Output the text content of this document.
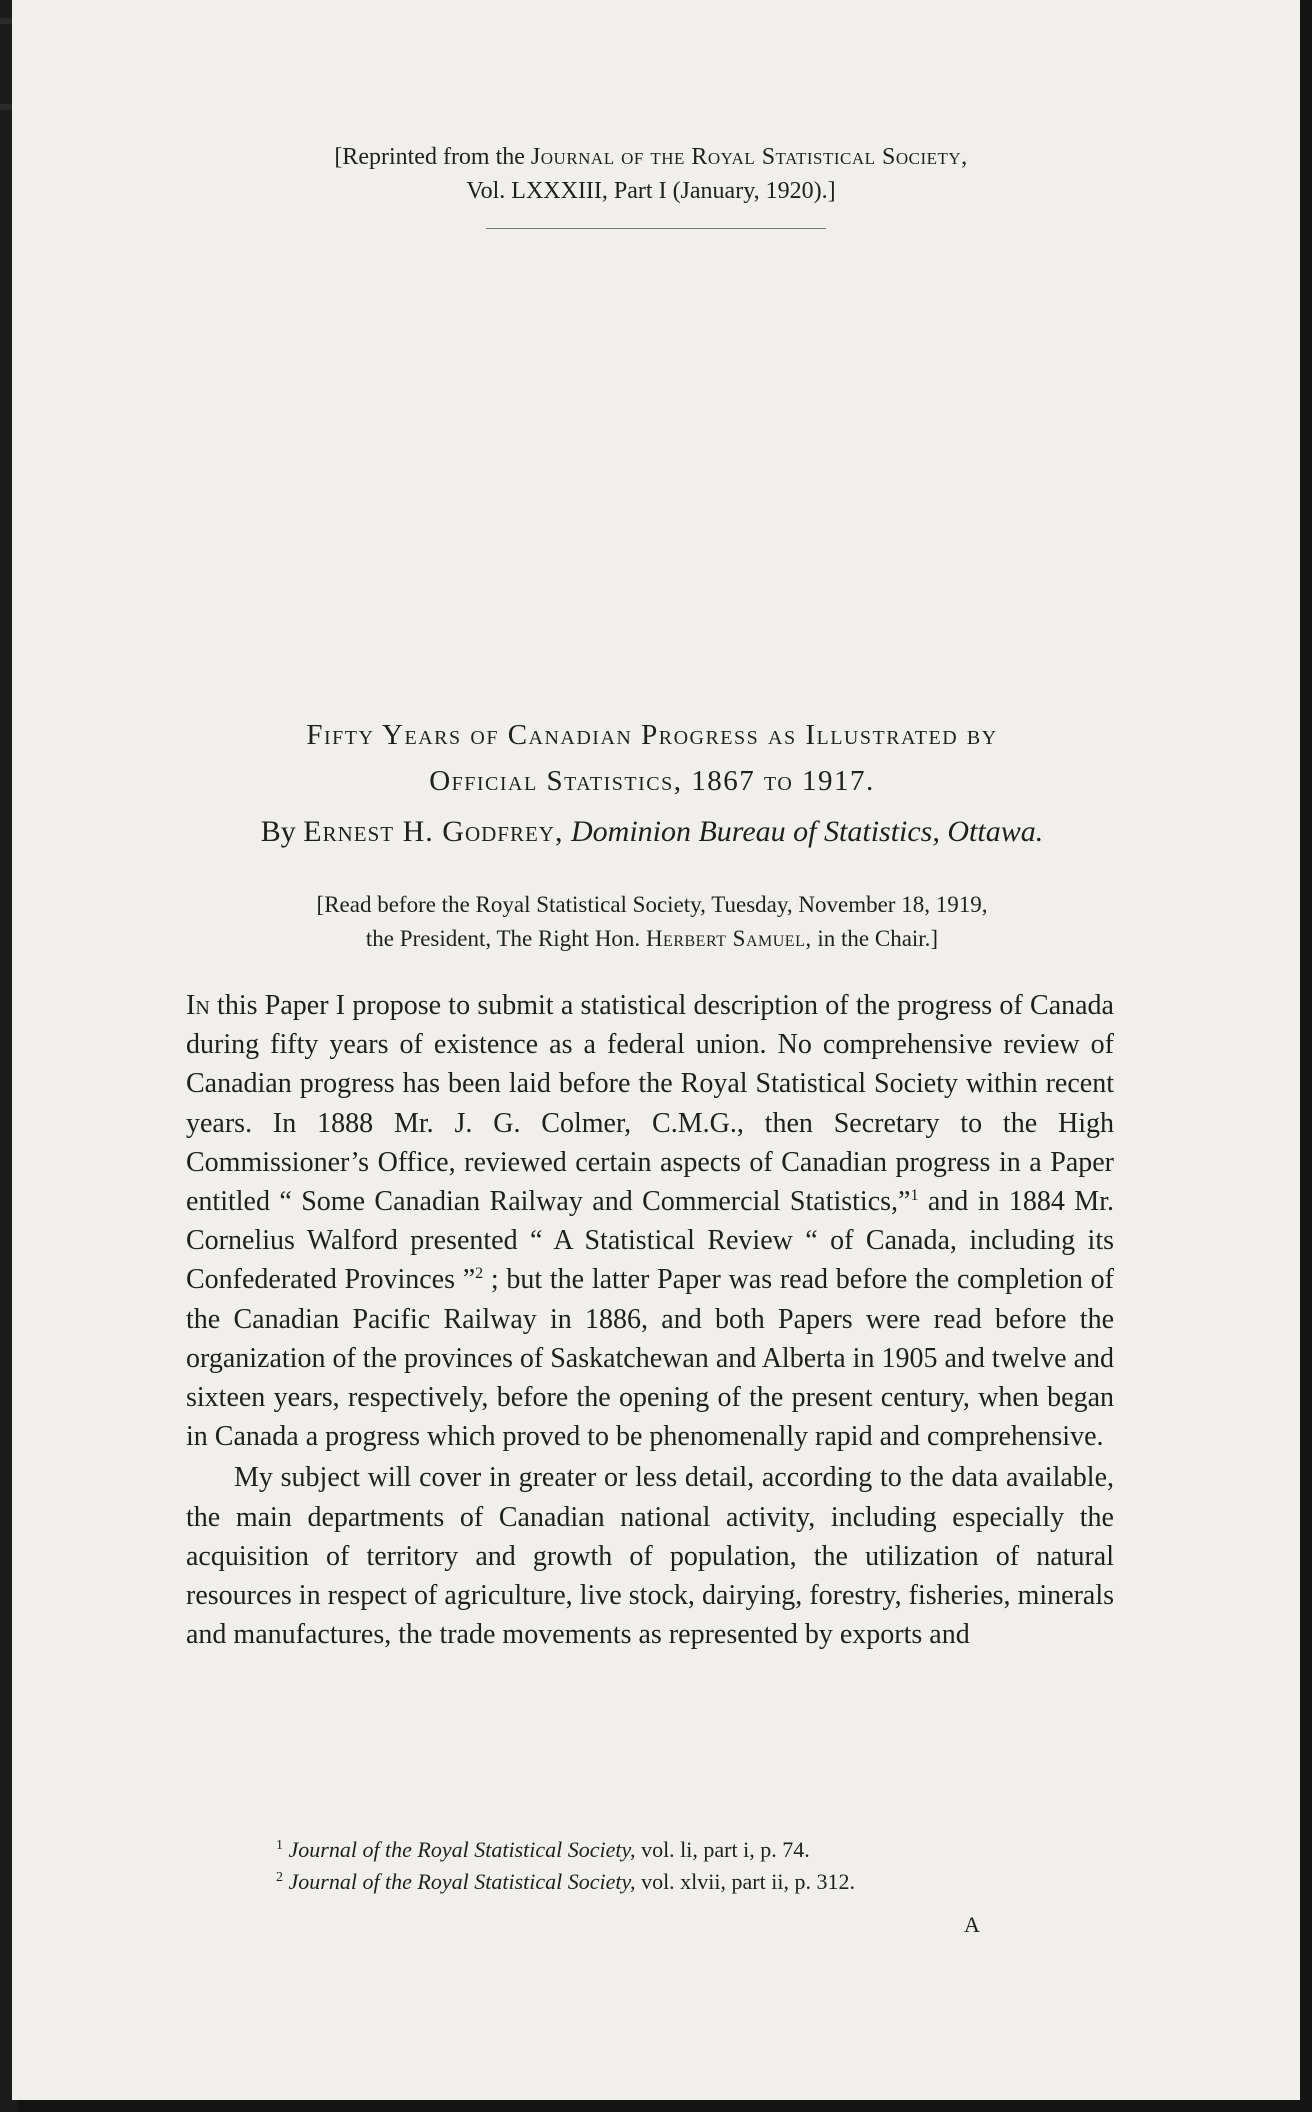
[Reprinted from the Journal of the Royal Statistical Society,
Vol. LXXXIII, Part I (January, 1920).]
Fifty Years of Canadian Progress as Illustrated by
Official Statistics, 1867 to 1917.
By Ernest H. Godfrey, Dominion Bureau of Statistics, Ottawa.
[Read before the Royal Statistical Society, Tuesday, November 18, 1919,
the President, The Right Hon. Herbert Samuel, in the Chair.]

In this Paper I propose to submit a statistical description of the progress of Canada during fifty years of existence as a federal union. No comprehensive review of Canadian progress has been laid before the Royal Statistical Society within recent years. In 1888 Mr. J. G. Colmer, C.M.G., then Secretary to the High Commissioner’s Office, reviewed certain aspects of Canadian progress in a Paper entitled “ Some Canadian Railway and Commercial Statistics,”$^1$ and in 1884 Mr. Cornelius Walford presented “ A Statistical Review “ of Canada, including its Confederated Provinces ”$^2$ ; but the latter Paper was read before the completion of the Canadian Pacific Railway in 1886, and both Papers were read before the organization of the provinces of Saskatchewan and Alberta in 1905 and twelve and sixteen years, respectively, before the opening of the present century, when began in Canada a progress which proved to be phenomenally rapid and comprehensive.

My subject will cover in greater or less detail, according to the data available, the main departments of Canadian national activity, including especially the acquisition of territory and growth of population, the utilization of natural resources in respect of agriculture, live stock, dairying, forestry, fisheries, minerals and manufactures, the trade movements as represented by exports and

$^1$ Journal of the Royal Statistical Society, vol. li, part i, p. 74.
$^2$ Journal of the Royal Statistical Society, vol. xlvii, part ii, p. 312.
A
